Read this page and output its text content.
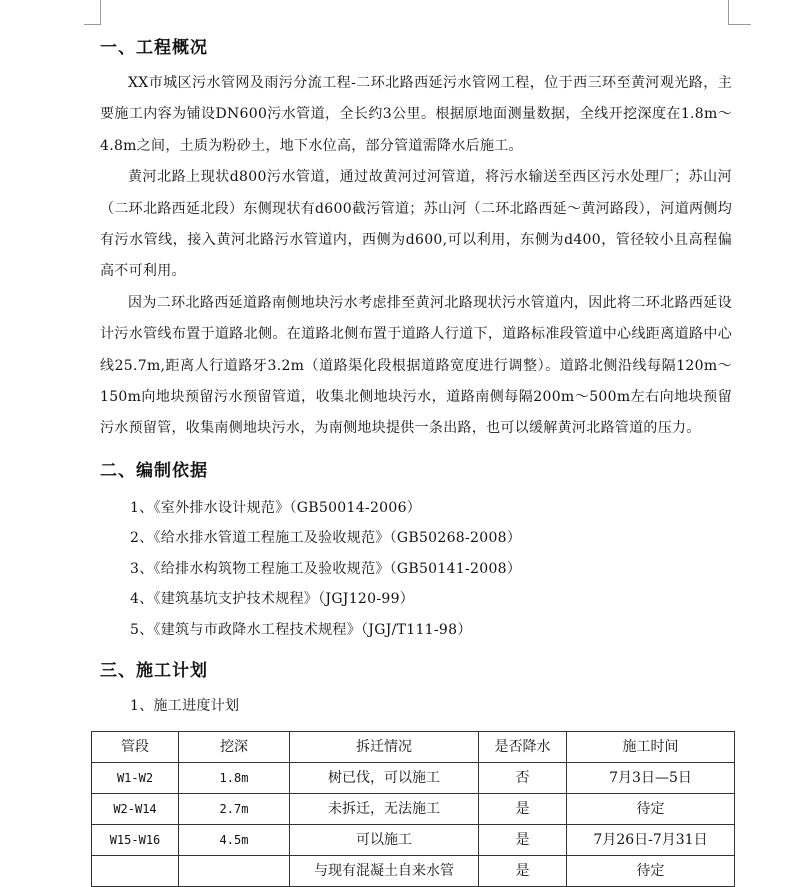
一、工程概况

XX市城区污水管网及雨污分流工程-二环北路西延污水管网工程，位于西三环至黄河观光路，主要施工内容为铺设DN600污水管道，全长约3公里。根据原地面测量数据，全线开挖深度在1.8m～4.8m之间，土质为粉砂土，地下水位高，部分管道需降水后施工。

黄河北路上现状d800污水管道，通过故黄河过河管道，将污水输送至西区污水处理厂；苏山河（二环北路西延北段）东侧现状有d600截污管道；苏山河（二环北路西延～黄河路段），河道两侧均有污水管线，接入黄河北路污水管道内，西侧为d600,可以利用，东侧为d400，管径较小且高程偏高不可利用。

因为二环北路西延道路南侧地块污水考虑排至黄河北路现状污水管道内，因此将二环北路西延设计污水管线布置于道路北侧。在道路北侧布置于道路人行道下，道路标准段管道中心线距离道路中心线25.7m,距离人行道路牙3.2m（道路渠化段根据道路宽度进行调整）。道路北侧沿线每隔120m～150m向地块预留污水预留管道，收集北侧地块污水，道路南侧每隔200m～500m左右向地块预留污水预留管，收集南侧地块污水，为南侧地块提供一条出路，也可以缓解黄河北路管道的压力。

二、编制依据
1、《室外排水设计规范》（GB50014-2006）
2、《给水排水管道工程施工及验收规范》（GB50268-2008）
3、《给排水构筑物工程施工及验收规范》（GB50141-2008）
4、《建筑基坑支护技术规程》（JGJ120-99）
5、《建筑与市政降水工程技术规程》（JGJ/T111-98）
三、施工计划
1、施工进度计划
管段	挖深	拆迁情况	是否降水	施工时间
W1-W2	1.8m	树已伐，可以施工	否	7月3日—5日
W2-W14	2.7m	未拆迁，无法施工	是	待定
W15-W16	4.5m	可以施工	是	7月26日-7月31日
		与现有混凝土自来水管	是	待定
